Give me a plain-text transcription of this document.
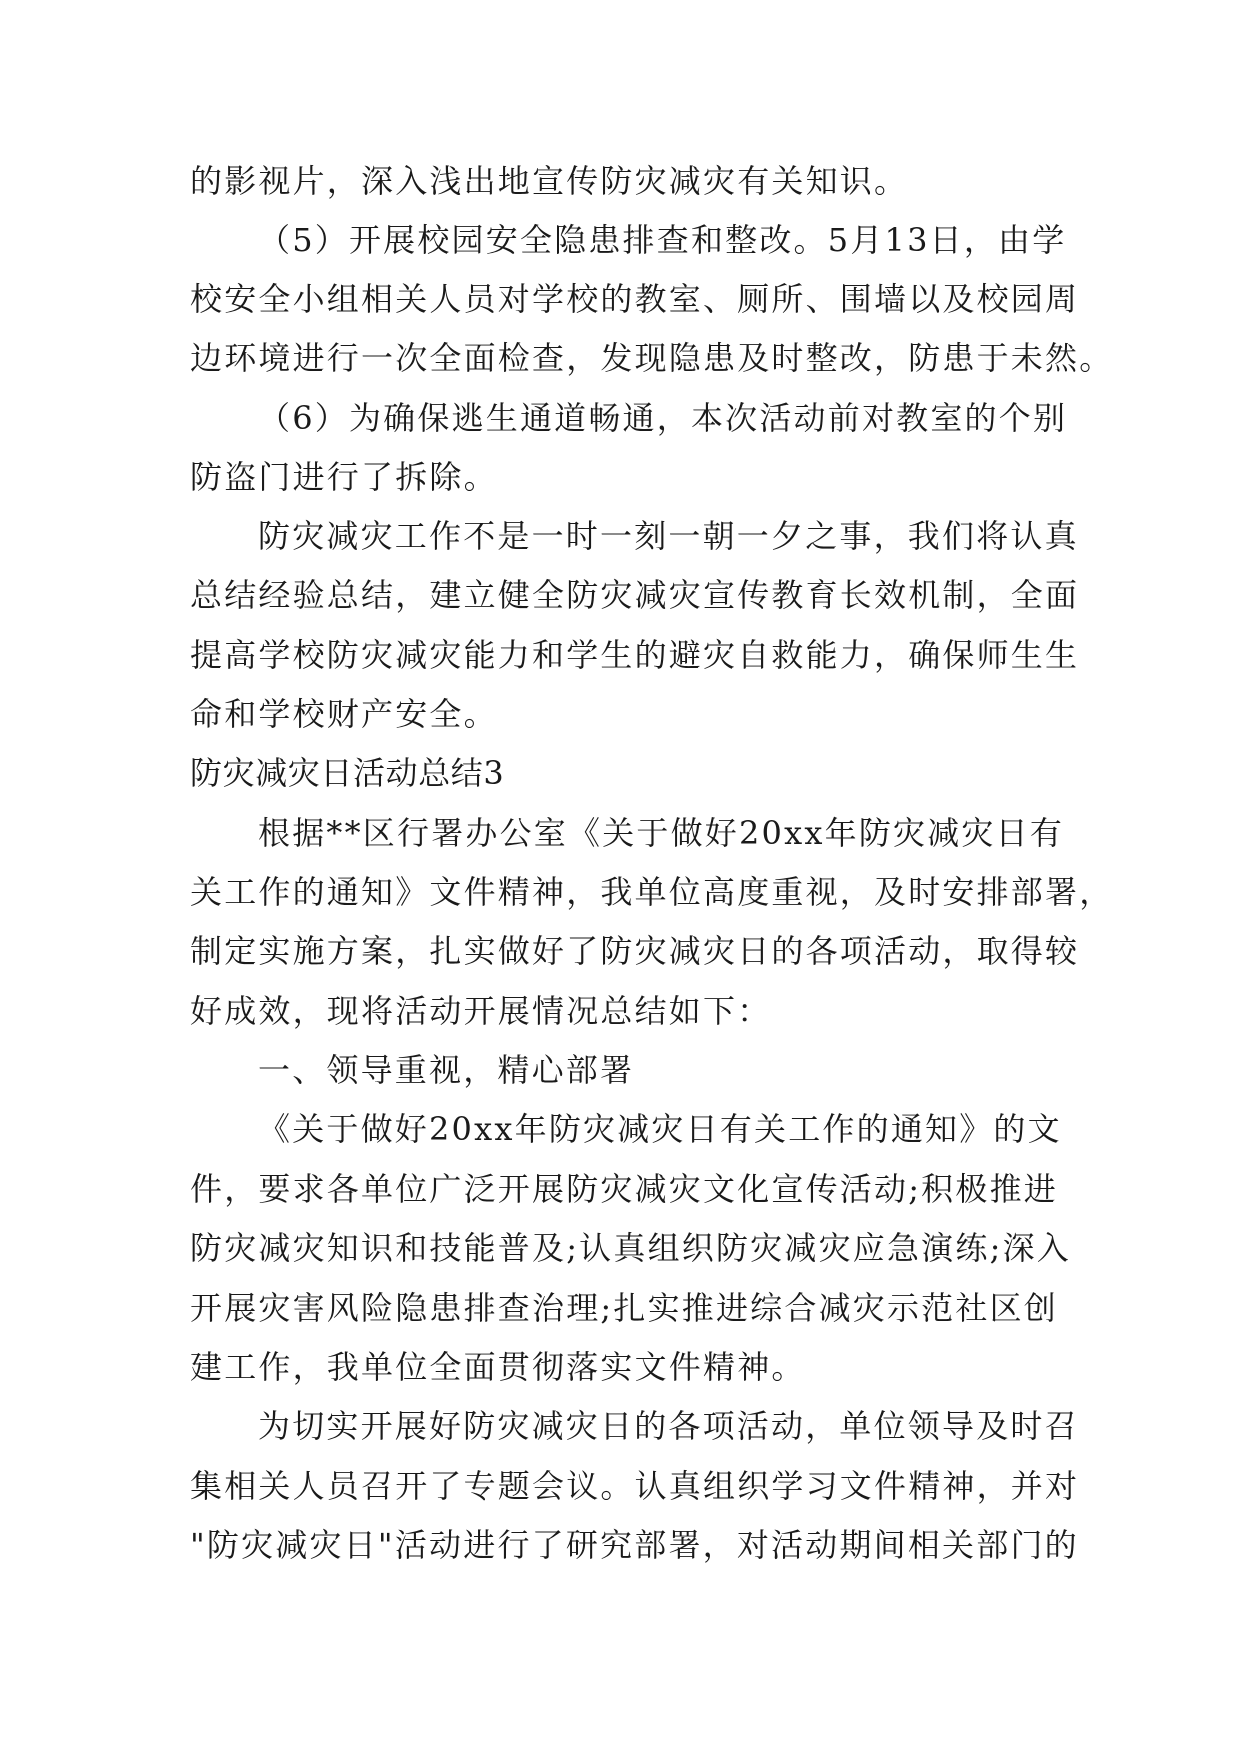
的影视片，深入浅出地宣传防灾减灾有关知识。

（5）开展校园安全隐患排查和整改。5月13日，由学

校安全小组相关人员对学校的教室、厕所、围墙以及校园周

边环境进行一次全面检查，发现隐患及时整改，防患于未然。

（6）为确保逃生通道畅通，本次活动前对教室的个别

防盗门进行了拆除。

防灾减灾工作不是一时一刻一朝一夕之事，我们将认真

总结经验总结，建立健全防灾减灾宣传教育长效机制，全面

提高学校防灾减灾能力和学生的避灾自救能力，确保师生生

命和学校财产安全。

防灾减灾日活动总结3

根据**区行署办公室《关于做好20xx年防灾减灾日有

关工作的通知》文件精神，我单位高度重视，及时安排部署，

制定实施方案，扎实做好了防灾减灾日的各项活动，取得较

好成效，现将活动开展情况总结如下：

一、领导重视，精心部署

《关于做好20xx年防灾减灾日有关工作的通知》的文

件，要求各单位广泛开展防灾减灾文化宣传活动;积极推进

防灾减灾知识和技能普及;认真组织防灾减灾应急演练;深入

开展灾害风险隐患排查治理;扎实推进综合减灾示范社区创

建工作，我单位全面贯彻落实文件精神。

为切实开展好防灾减灾日的各项活动，单位领导及时召

集相关人员召开了专题会议。认真组织学习文件精神，并对

"防灾减灾日"活动进行了研究部署，对活动期间相关部门的
